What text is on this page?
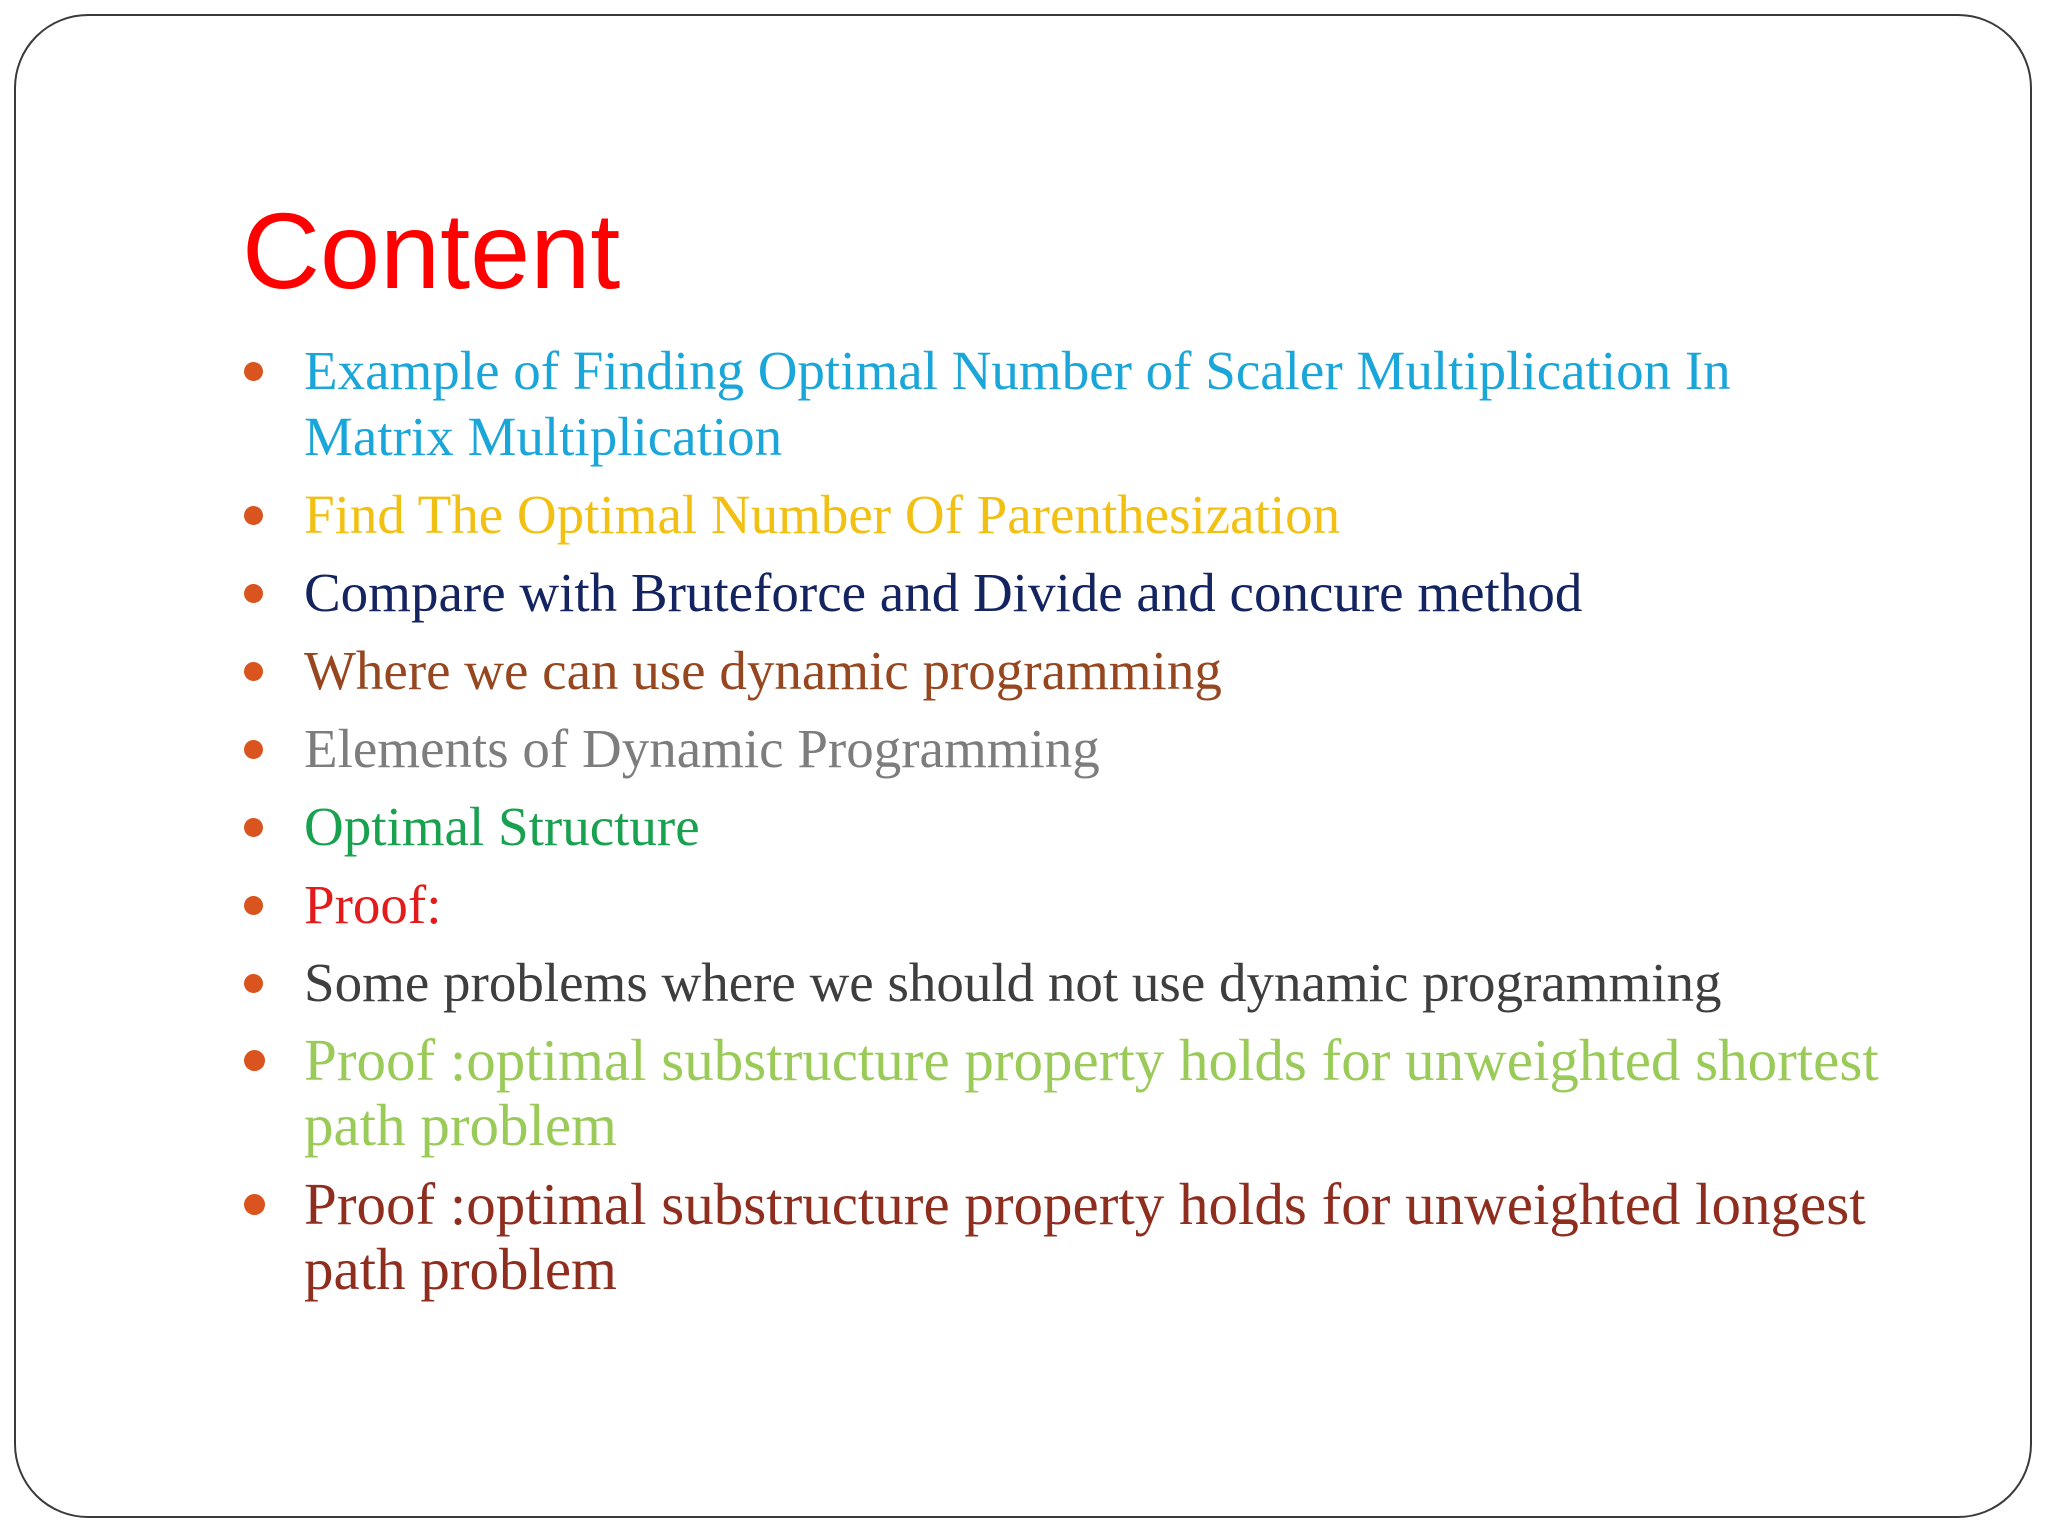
Content
Example of Finding Optimal Number of Scaler Multiplication In Matrix Multiplication
Find The Optimal Number Of Parenthesization
Compare with Bruteforce and Divide and concure method
Where we can use dynamic programming
Elements of Dynamic Programming
Optimal Structure
Proof:
Some problems where we should not use dynamic programming
Proof :optimal substructure property holds for unweighted shortest path problem
Proof :optimal substructure property holds for unweighted longest path problem
